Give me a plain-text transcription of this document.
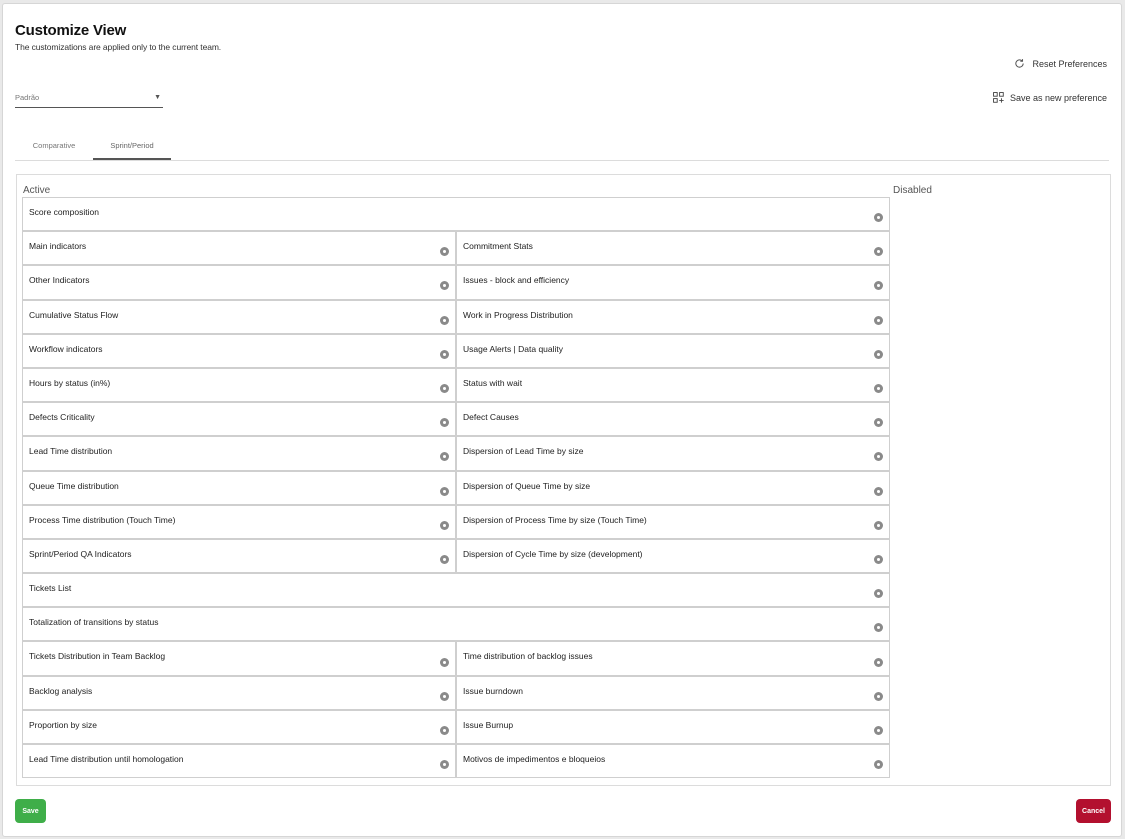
Customize View
The customizations are applied only to the current team.
Reset Preferences
Save as new preference
Padrão	▼
Comparative	Sprint/Period
Active	Disabled
Score composition
Main indicators	Commitment Stats
Other Indicators	Issues - block and efficiency
Cumulative Status Flow	Work in Progress Distribution
Workflow indicators	Usage Alerts | Data quality
Hours by status (in%)	Status with wait
Defects Criticality	Defect Causes
Lead Time distribution	Dispersion of Lead Time by size
Queue Time distribution	Dispersion of Queue Time by size
Process Time distribution (Touch Time)	Dispersion of Process Time by size (Touch Time)
Sprint/Period QA Indicators	Dispersion of Cycle Time by size (development)
Tickets List
Totalization of transitions by status
Tickets Distribution in Team Backlog	Time distribution of backlog issues
Backlog analysis	Issue burndown
Proportion by size	Issue Burnup
Lead Time distribution until homologation	Motivos de impedimentos e bloqueios
Save	Cancel
